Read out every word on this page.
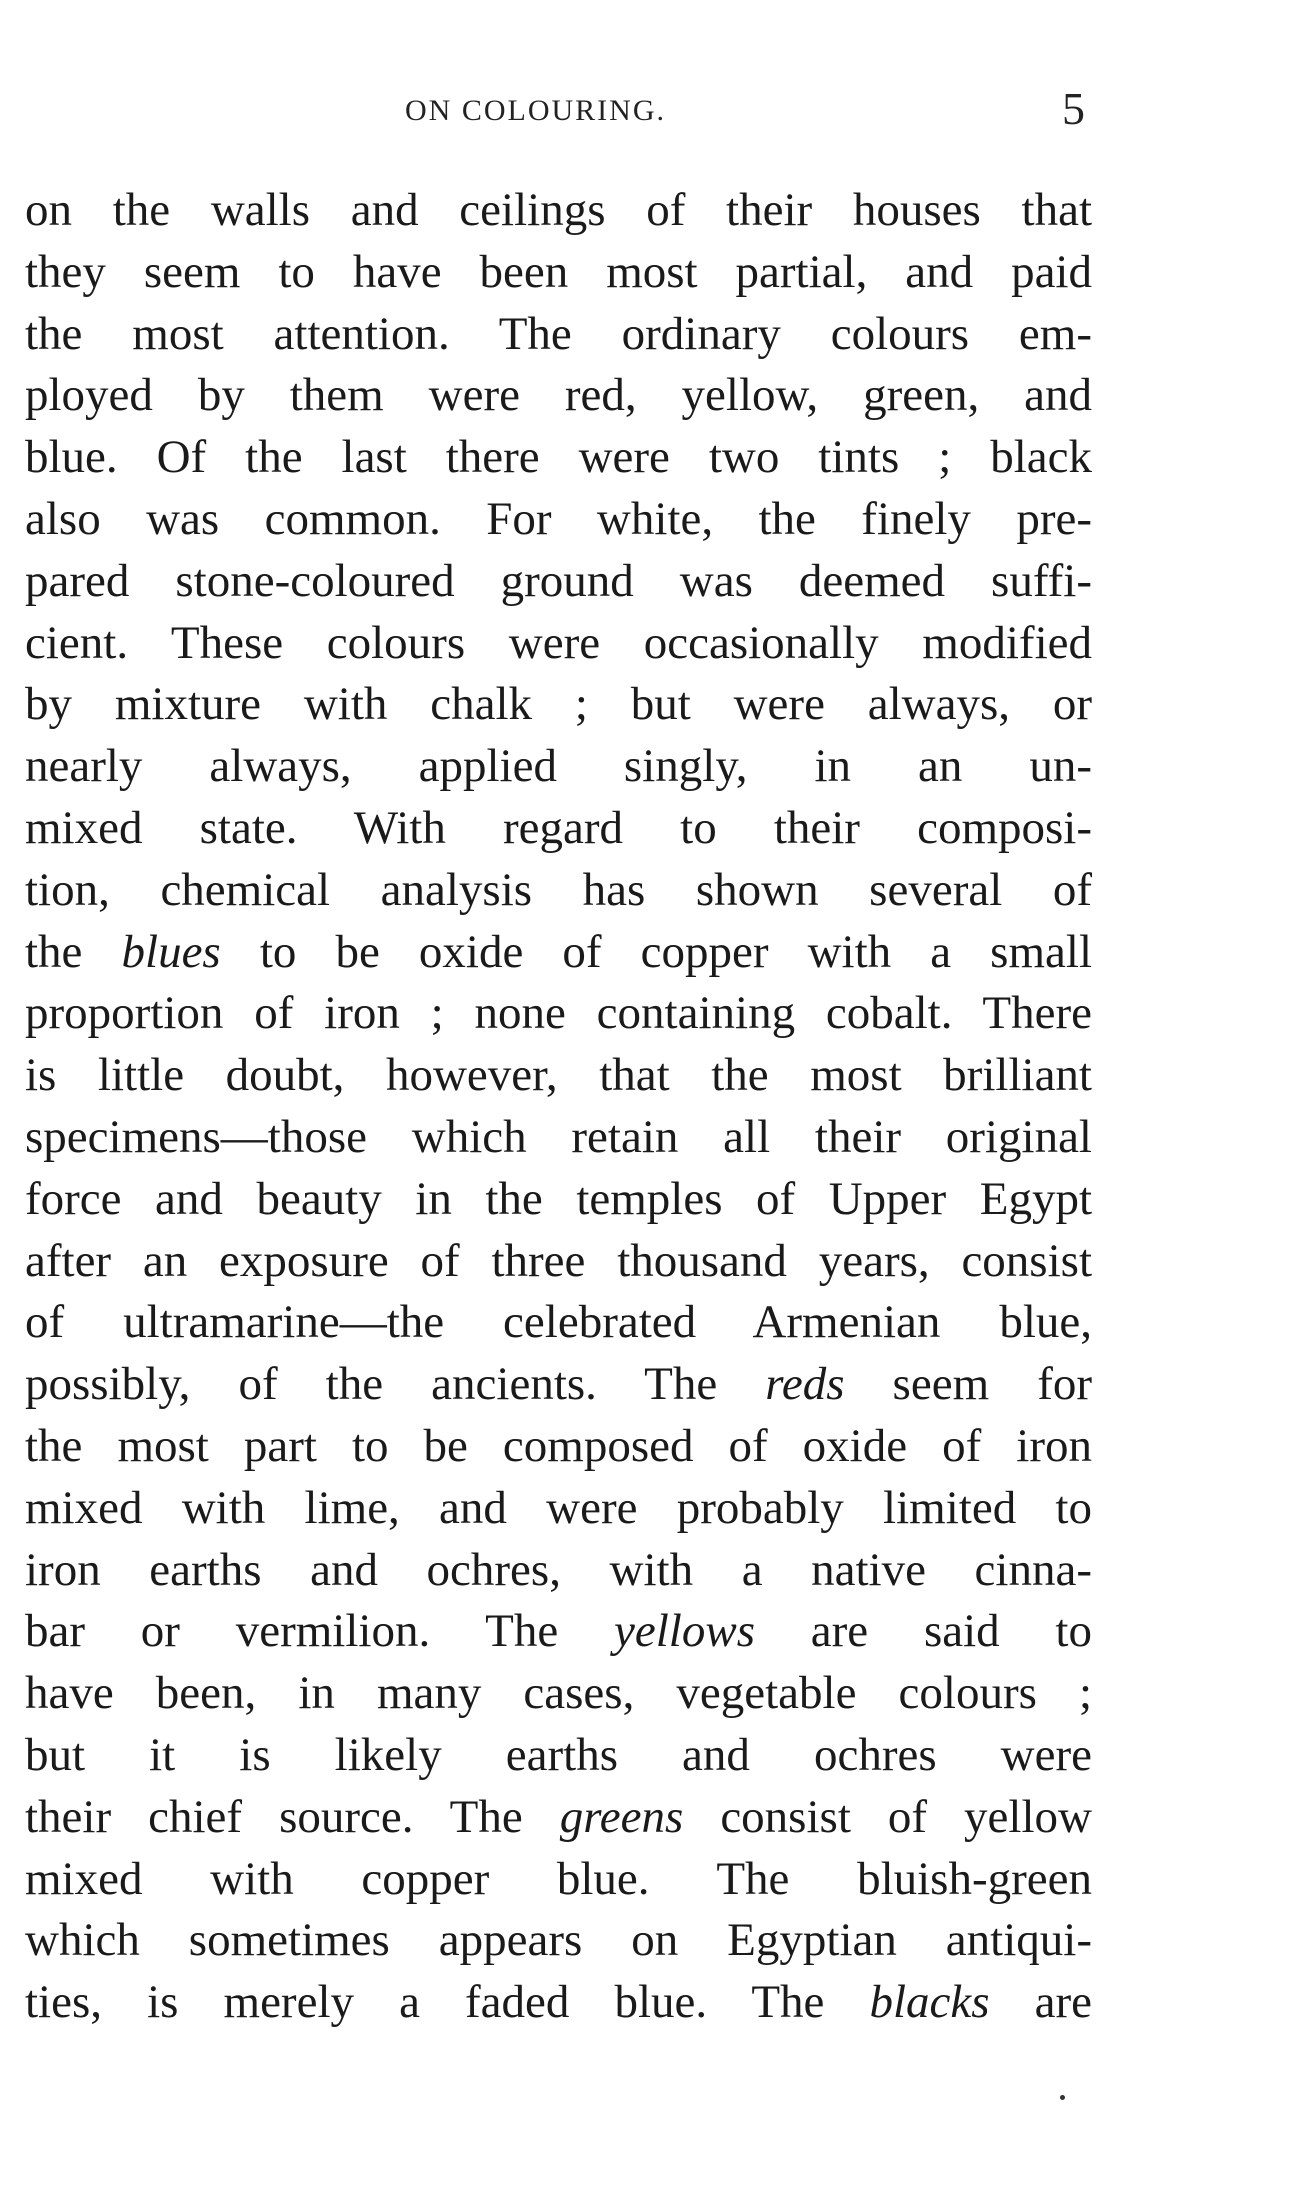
ON COLOURING.	5
on the walls and ceilings of their houses that
they seem to have been most partial, and paid
the most attention. The ordinary colours em-
ployed by them were red, yellow, green, and
blue. Of the last there were two tints ; black
also was common. For white, the finely pre-
pared stone-coloured ground was deemed suffi-
cient. These colours were occasionally modified
by mixture with chalk ; but were always, or
nearly always, applied singly, in an un-
mixed state. With regard to their composi-
tion, chemical analysis has shown several of
the blues to be oxide of copper with a small
proportion of iron ; none containing cobalt. There
is little doubt, however, that the most brilliant
specimens—those which retain all their original
force and beauty in the temples of Upper Egypt
after an exposure of three thousand years, consist
of ultramarine—the celebrated Armenian blue,
possibly, of the ancients. The reds seem for
the most part to be composed of oxide of iron
mixed with lime, and were probably limited to
iron earths and ochres, with a native cinna-
bar or vermilion. The yellows are said to
have been, in many cases, vegetable colours ;
but it is likely earths and ochres were
their chief source. The greens consist of yellow
mixed with copper blue. The bluish-green
which sometimes appears on Egyptian antiqui-
ties, is merely a faded blue. The blacks are
